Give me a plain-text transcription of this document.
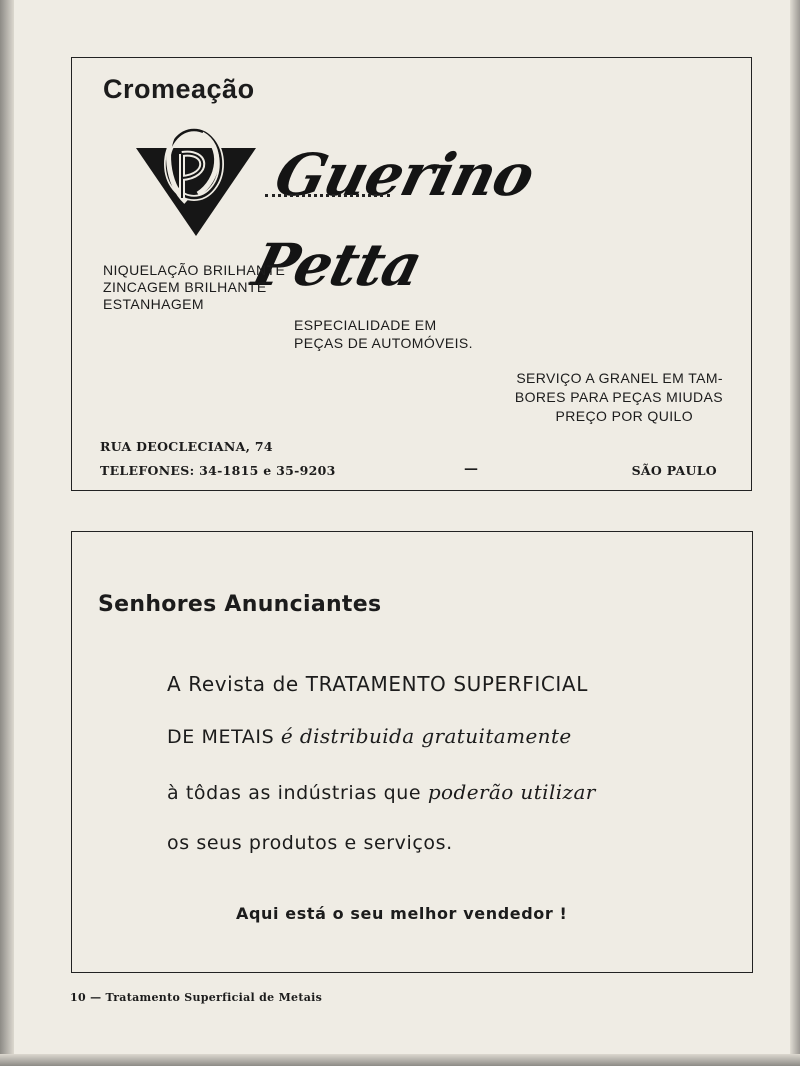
Cromeação
Guerino Petta
NIQUELAÇÃO BRILHANTE
ZINCAGEM BRILHANTE
ESTANHAGEM
ESPECIALIDADE EM
PEÇAS DE AUTOMÓVEIS.
SERVIÇO A GRANEL EM TAM-
BORES PARA PEÇAS MIUDAS
PREÇO POR QUILO
RUA DEOCLECIANA, 74
TELEFONES: 34-1815 e 35-9203	—	SÃO PAULO
Senhores Anunciantes
A Revista de TRATAMENTO SUPERFICIAL
DE METAIS é distribuida gratuitamente
à tôdas as indústrias que poderão utilizar
os seus produtos e serviços.
Aqui está o seu melhor vendedor !
10 — Tratamento Superficial de Metais
